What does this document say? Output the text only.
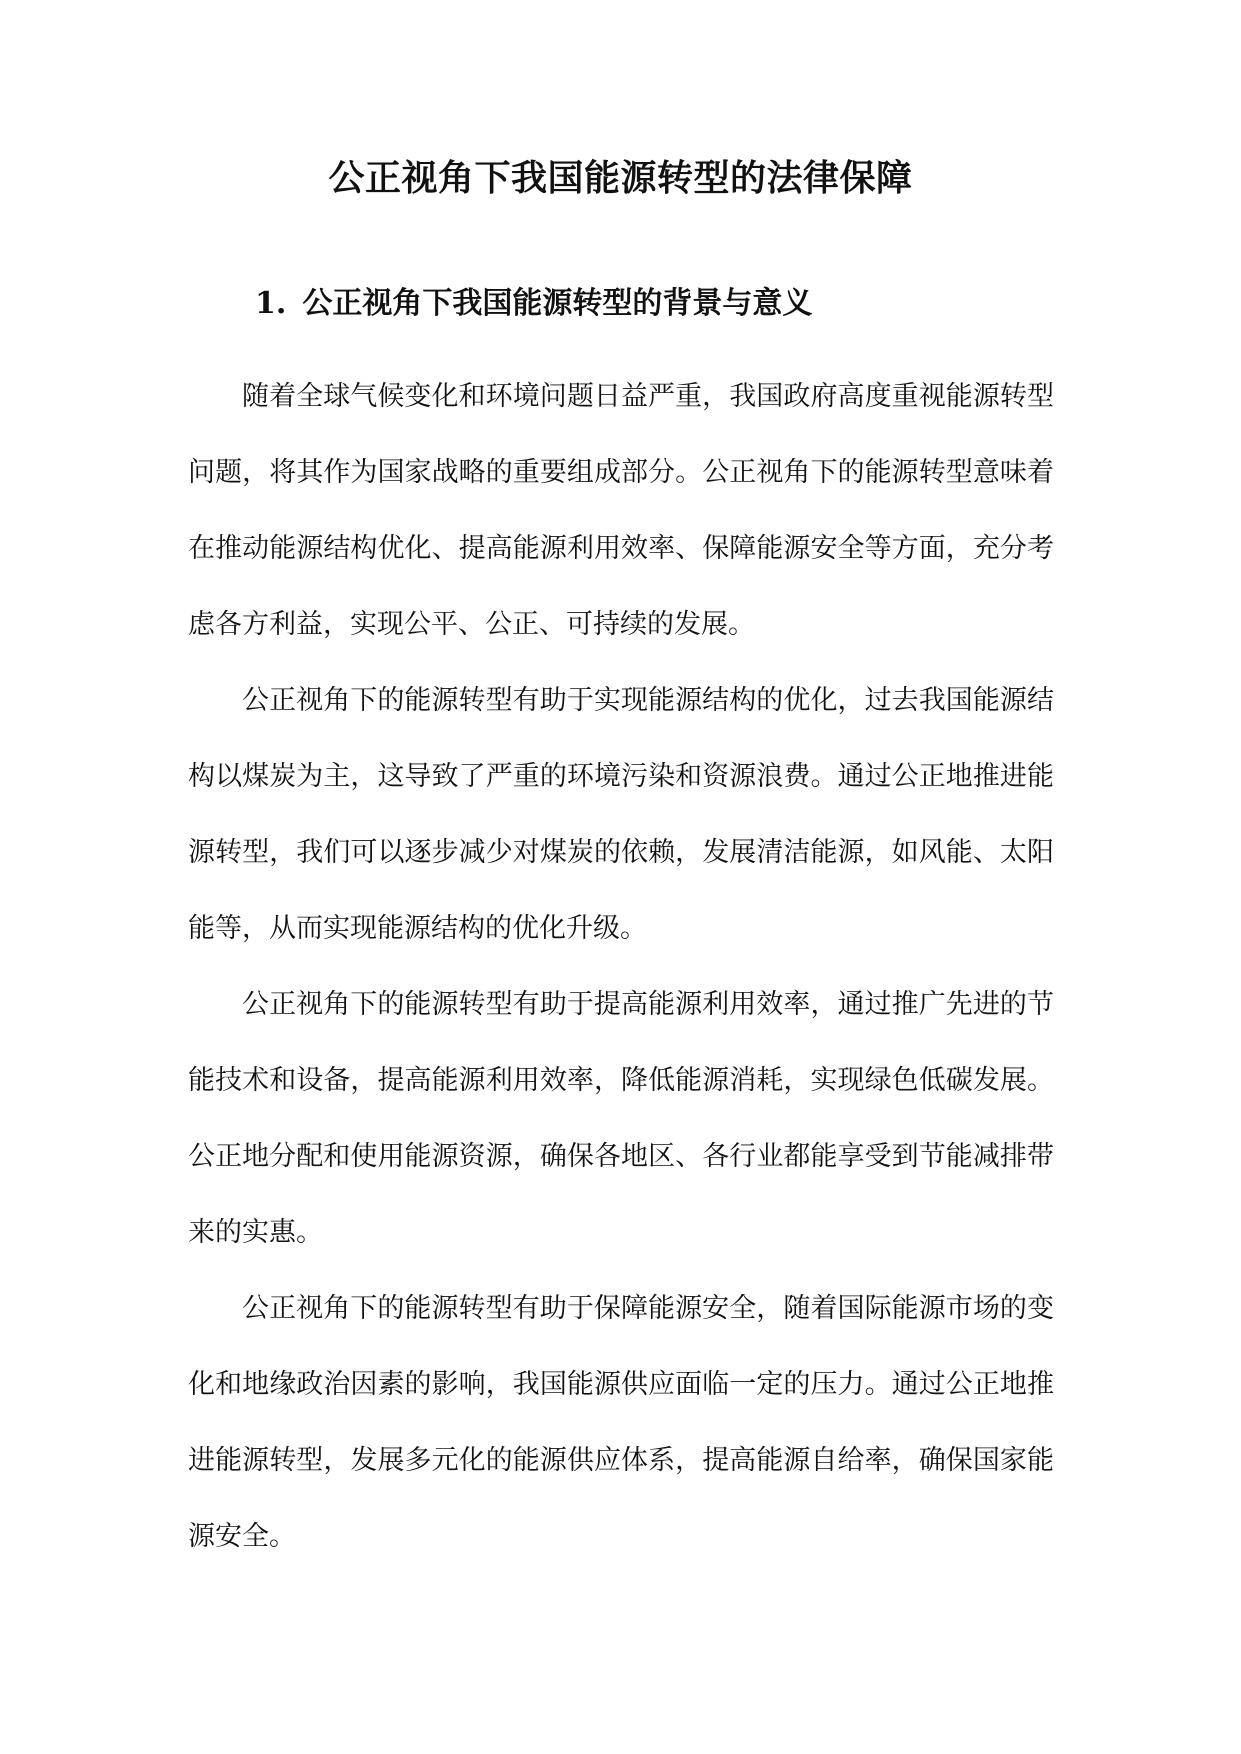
公正视角下我国能源转型的法律保障
1. 公正视角下我国能源转型的背景与意义

随着全球气候变化和环境问题日益严重，我国政府高度重视能源转型问题，将其作为国家战略的重要组成部分。公正视角下的能源转型意味着在推动能源结构优化、提高能源利用效率、保障能源安全等方面，充分考虑各方利益，实现公平、公正、可持续的发展。

公正视角下的能源转型有助于实现能源结构的优化，过去我国能源结构以煤炭为主，这导致了严重的环境污染和资源浪费。通过公正地推进能源转型，我们可以逐步减少对煤炭的依赖，发展清洁能源，如风能、太阳能等，从而实现能源结构的优化升级。

公正视角下的能源转型有助于提高能源利用效率，通过推广先进的节能技术和设备，提高能源利用效率，降低能源消耗，实现绿色低碳发展。公正地分配和使用能源资源，确保各地区、各行业都能享受到节能减排带来的实惠。

公正视角下的能源转型有助于保障能源安全，随着国际能源市场的变化和地缘政治因素的影响，我国能源供应面临一定的压力。通过公正地推进能源转型，发展多元化的能源供应体系，提高能源自给率，确保国家能源安全。
